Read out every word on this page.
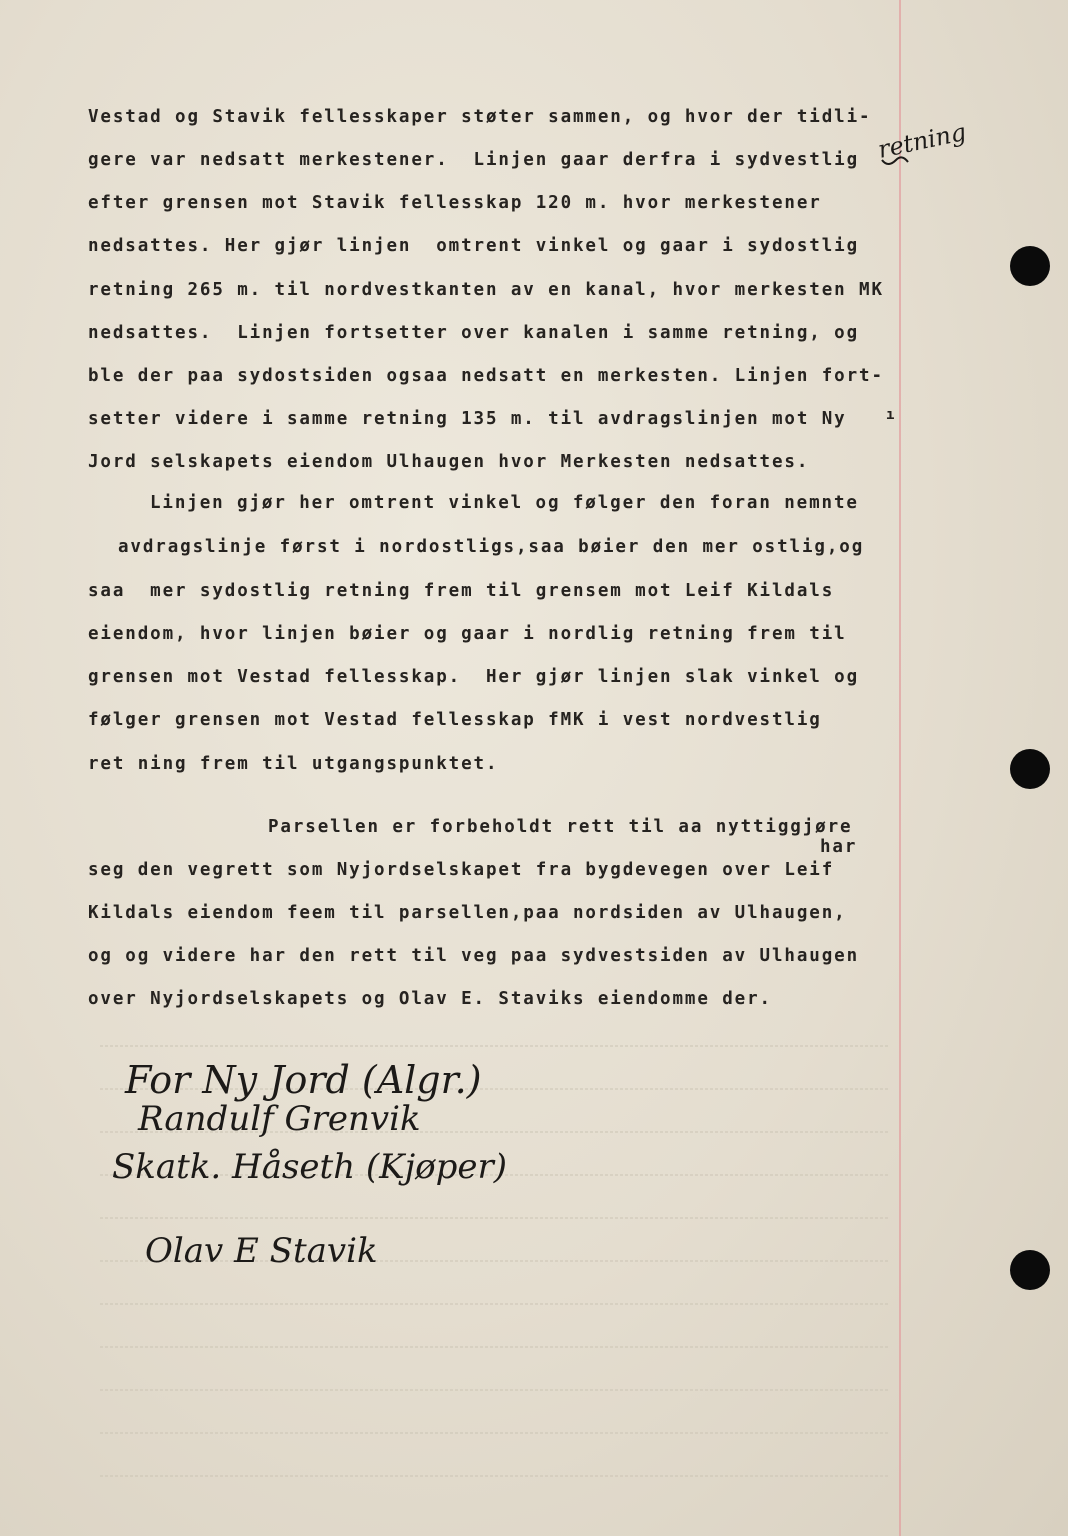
Vestad og Stavik fellesskaper støter sammen, og hvor der tidli-

gere var nedsatt merkestener.  Linjen gaar derfra i sydvestlig

efter grensen mot Stavik fellesskap 120 m. hvor merkestener

nedsattes. Her gjør linjen  omtrent vinkel og gaar i sydostlig

retning 265 m. til nordvestkanten av en kanal, hvor merkesten MK

nedsattes.  Linjen fortsetter over kanalen i samme retning, og

ble der paa sydostsiden ogsaa nedsatt en merkesten. Linjen fort-

setter videre i samme retning 135 m. til avdragslinjen mot Ny

Jord selskapets eiendom Ulhaugen hvor Merkesten nedsattes.

Linjen gjør her omtrent vinkel og følger den foran nemnte

avdragslinje først i nordostligs,saa bøier den mer ostlig,og

saa  mer sydostlig retning frem til grensem mot Leif Kildals

eiendom, hvor linjen bøier og gaar i nordlig retning frem til

grensen mot Vestad fellesskap.  Her gjør linjen slak vinkel og

følger grensen mot Vestad fellesskap fMK i vest nordvestlig

ret ning frem til utgangspunktet.

Parsellen er forbeholdt rett til aa nyttiggjøre

har

seg den vegrett som Nyjordselskapet fra bygdevegen over Leif

Kildals eiendom feem til parsellen,paa nordsiden av Ulhaugen,

og og videre har den rett til veg paa sydvestsiden av Ulhaugen

over Nyjordselskapets og Olav E. Staviks eiendomme der.

ı

retning
For Ny Jord (Algr.)
Randulf Grenvik
Skatk. Håseth (Kjøper)
Olav E Stavik
